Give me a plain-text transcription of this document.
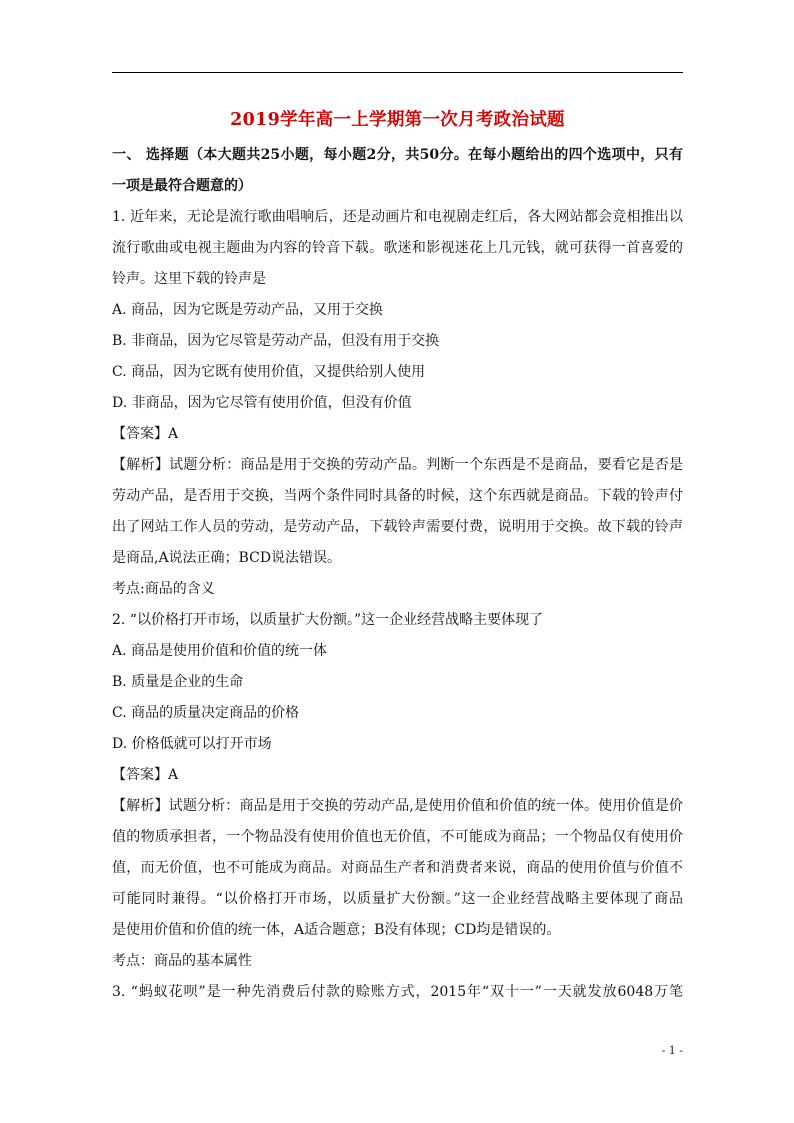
2019学年高一上学期第一次月考政治试题

一、 选择题（本大题共25小题，每小题2分，共50分。在每小题给出的四个选项中，只有

一项是最符合题意的）

1. 近年来，无论是流行歌曲唱响后，还是动画片和电视剧走红后，各大网站都会竞相推出以

流行歌曲或电视主题曲为内容的铃音下载。歌迷和影视迷花上几元钱，就可获得一首喜爱的

铃声。这里下载的铃声是

A. 商品，因为它既是劳动产品，又用于交换

B. 非商品，因为它尽管是劳动产品，但没有用于交换

C. 商品，因为它既有使用价值，又提供给别人使用

D. 非商品，因为它尽管有使用价值，但没有价值

【答案】A

【解析】试题分析：商品是用于交换的劳动产品。判断一个东西是不是商品，要看它是否是

劳动产品，是否用于交换，当两个条件同时具备的时候，这个东西就是商品。下载的铃声付

出了网站工作人员的劳动，是劳动产品，下载铃声需要付费，说明用于交换。故下载的铃声

是商品,A说法正确；BCD说法错误。

考点:商品的含义

2. “以价格打开市场，以质量扩大份额。”这一企业经营战略主要体现了

A. 商品是使用价值和价值的统一体

B. 质量是企业的生命

C. 商品的质量决定商品的价格

D. 价格低就可以打开市场

【答案】A

【解析】试题分析：商品是用于交换的劳动产品,是使用价值和价值的统一体。使用价值是价

值的物质承担者，一个物品没有使用价值也无价值，不可能成为商品；一个物品仅有使用价

值，而无价值，也不可能成为商品。对商品生产者和消费者来说，商品的使用价值与价值不

可能同时兼得。“以价格打开市场，以质量扩大份额。”这一企业经营战略主要体现了商品

是使用价值和价值的统一体，A适合题意；B没有体现；CD均是错误的。

考点：商品的基本属性

3. “蚂蚁花呗”是一种先消费后付款的赊账方式，2015年“双十一”一天就发放6048万笔

- 1 -
